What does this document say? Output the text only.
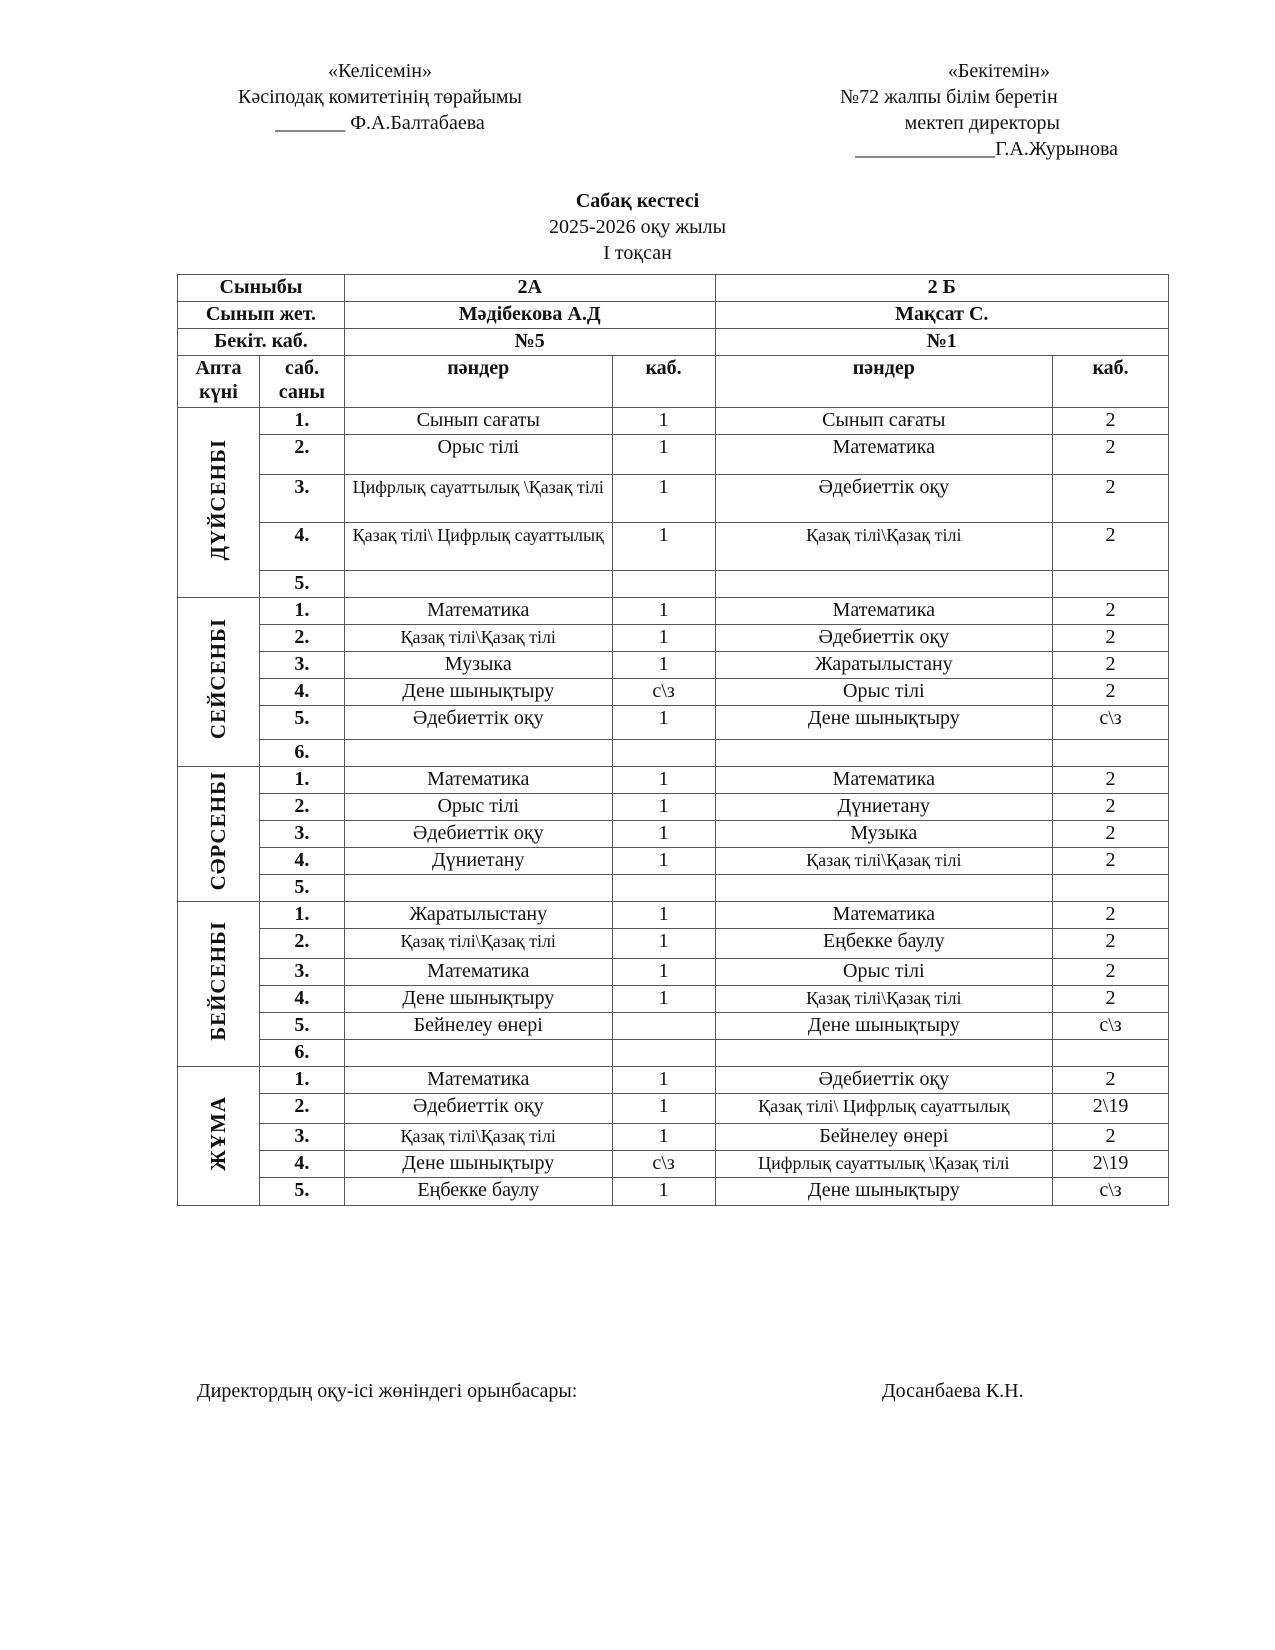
«Келісемін»
Кәсіподақ комитетінің төрайымы
_______ Ф.А.Балтабаева
«Бекітемін»
№72 жалпы білім беретін
мектеп директоры
______________Г.А.Журынова
Сабақ кестесі
2025-2026 оқу жылы
I тоқсан
Сыныбы		2А		2 Б	
Сынып жет.		Мәдібекова А.Д		Мақсат С.	
Бекіт. каб.		№5		№1	
Апта күні	саб. саны	пәндер	каб.	пәндер	каб.
ДҮЙСЕНБІ	1.	Сынып сағаты	1	Сынып сағаты	2
	2.	Орыс тілі	1	Математика	2
	3.	Цифрлық сауаттылық \Қазақ тілі	1	Әдебиеттік оқу	2
	4.	Қазақ тілі\ Цифрлық сауаттылық	1	Қазақ тілі\Қазақ тілі	2
	5.				
СЕЙСЕНБІ	1.	Математика	1	Математика	2
	2.	Қазақ тілі\Қазақ тілі	1	Әдебиеттік оқу	2
	3.	Музыка	1	Жаратылыстану	2
	4.	Дене шынықтыру	с\з	Орыс тілі	2
	5.	Әдебиеттік оқу	1	Дене шынықтыру	с\з
	6.				
СӘРСЕНБІ	1.	Математика	1	Математика	2
	2.	Орыс тілі	1	Дүниетану	2
	3.	Әдебиеттік оқу	1	Музыка	2
	4.	Дүниетану	1	Қазақ тілі\Қазақ тілі	2
	5.				
БЕЙСЕНБІ	1.	Жаратылыстану	1	Математика	2
	2.	Қазақ тілі\Қазақ тілі	1	Еңбекке баулу	2
	3.	Математика	1	Орыс тілі	2
	4.	Дене шынықтыру	1	Қазақ тілі\Қазақ тілі	2
	5.	Бейнелеу өнері		Дене шынықтыру	с\з
	6.				
ЖҰМА	1.	Математика	1	Әдебиеттік оқу	2
	2.	Әдебиеттік оқу	1	Қазақ тілі\ Цифрлық сауаттылық	2\19
	3.	Қазақ тілі\Қазақ тілі	1	Бейнелеу өнері	2
	4.	Дене шынықтыру	с\з	Цифрлық сауаттылық \Қазақ тілі	2\19
	5.	Еңбекке баулу	1	Дене шынықтыру	с\з
Директордың оқу-ісі жөніндегі орынбасары:	Досанбаева К.Н.
